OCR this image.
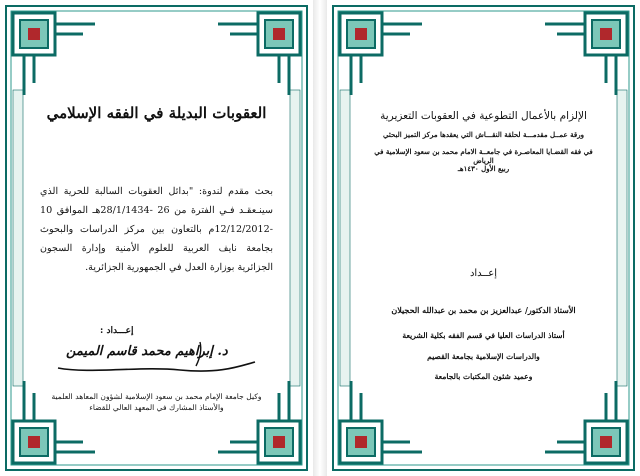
العقوبات البديلة في الفقه الإسلامي
بحث مقدم لندوة: "بدائل العقوبات السالبة للحرية الذي سينـعقـد فـي الفترة من 26 -28/1/1434هـ الموافق 10 -12/12/2012م بالتعاون بين مركز الدراسات والبحوث بجامعة نايف العربية للعلوم الأمنية وإدارة السجون الجزائرية بوزارة العدل في الجمهورية الجزائرية.
إعـــداد :
د. إبراهيم محمد قاسم الميمن
وكيل جامعة الإمام محمد بن سعود الإسلامية لشؤون المعاهد العلمية
والأستاذ المشارك في المعهد العالي للقضاء
الإلزام بالأعمال التطوعية في العقوبات التعزيرية
ورقة عمــل مقدمـــة لحلقة النقـــاش التي يعقدها مركز التميز البحثي
في فقه القضـايا المعاصـرة في جامعــة الامام محمد بن سعود الإسلامية في الرياض
ربيع الأول ١٤٣٠هـ
إعــداد
الأستاذ الدكتور/ عبدالعزيز بن محمد بن عبدالله الحجيلان
أستاذ الدراسات العليا في قسم الفقه بكلية الشريعة
والدراسات الإسلامية بجامعة القصيم
وعميد شئون المكتبات بالجامعة
